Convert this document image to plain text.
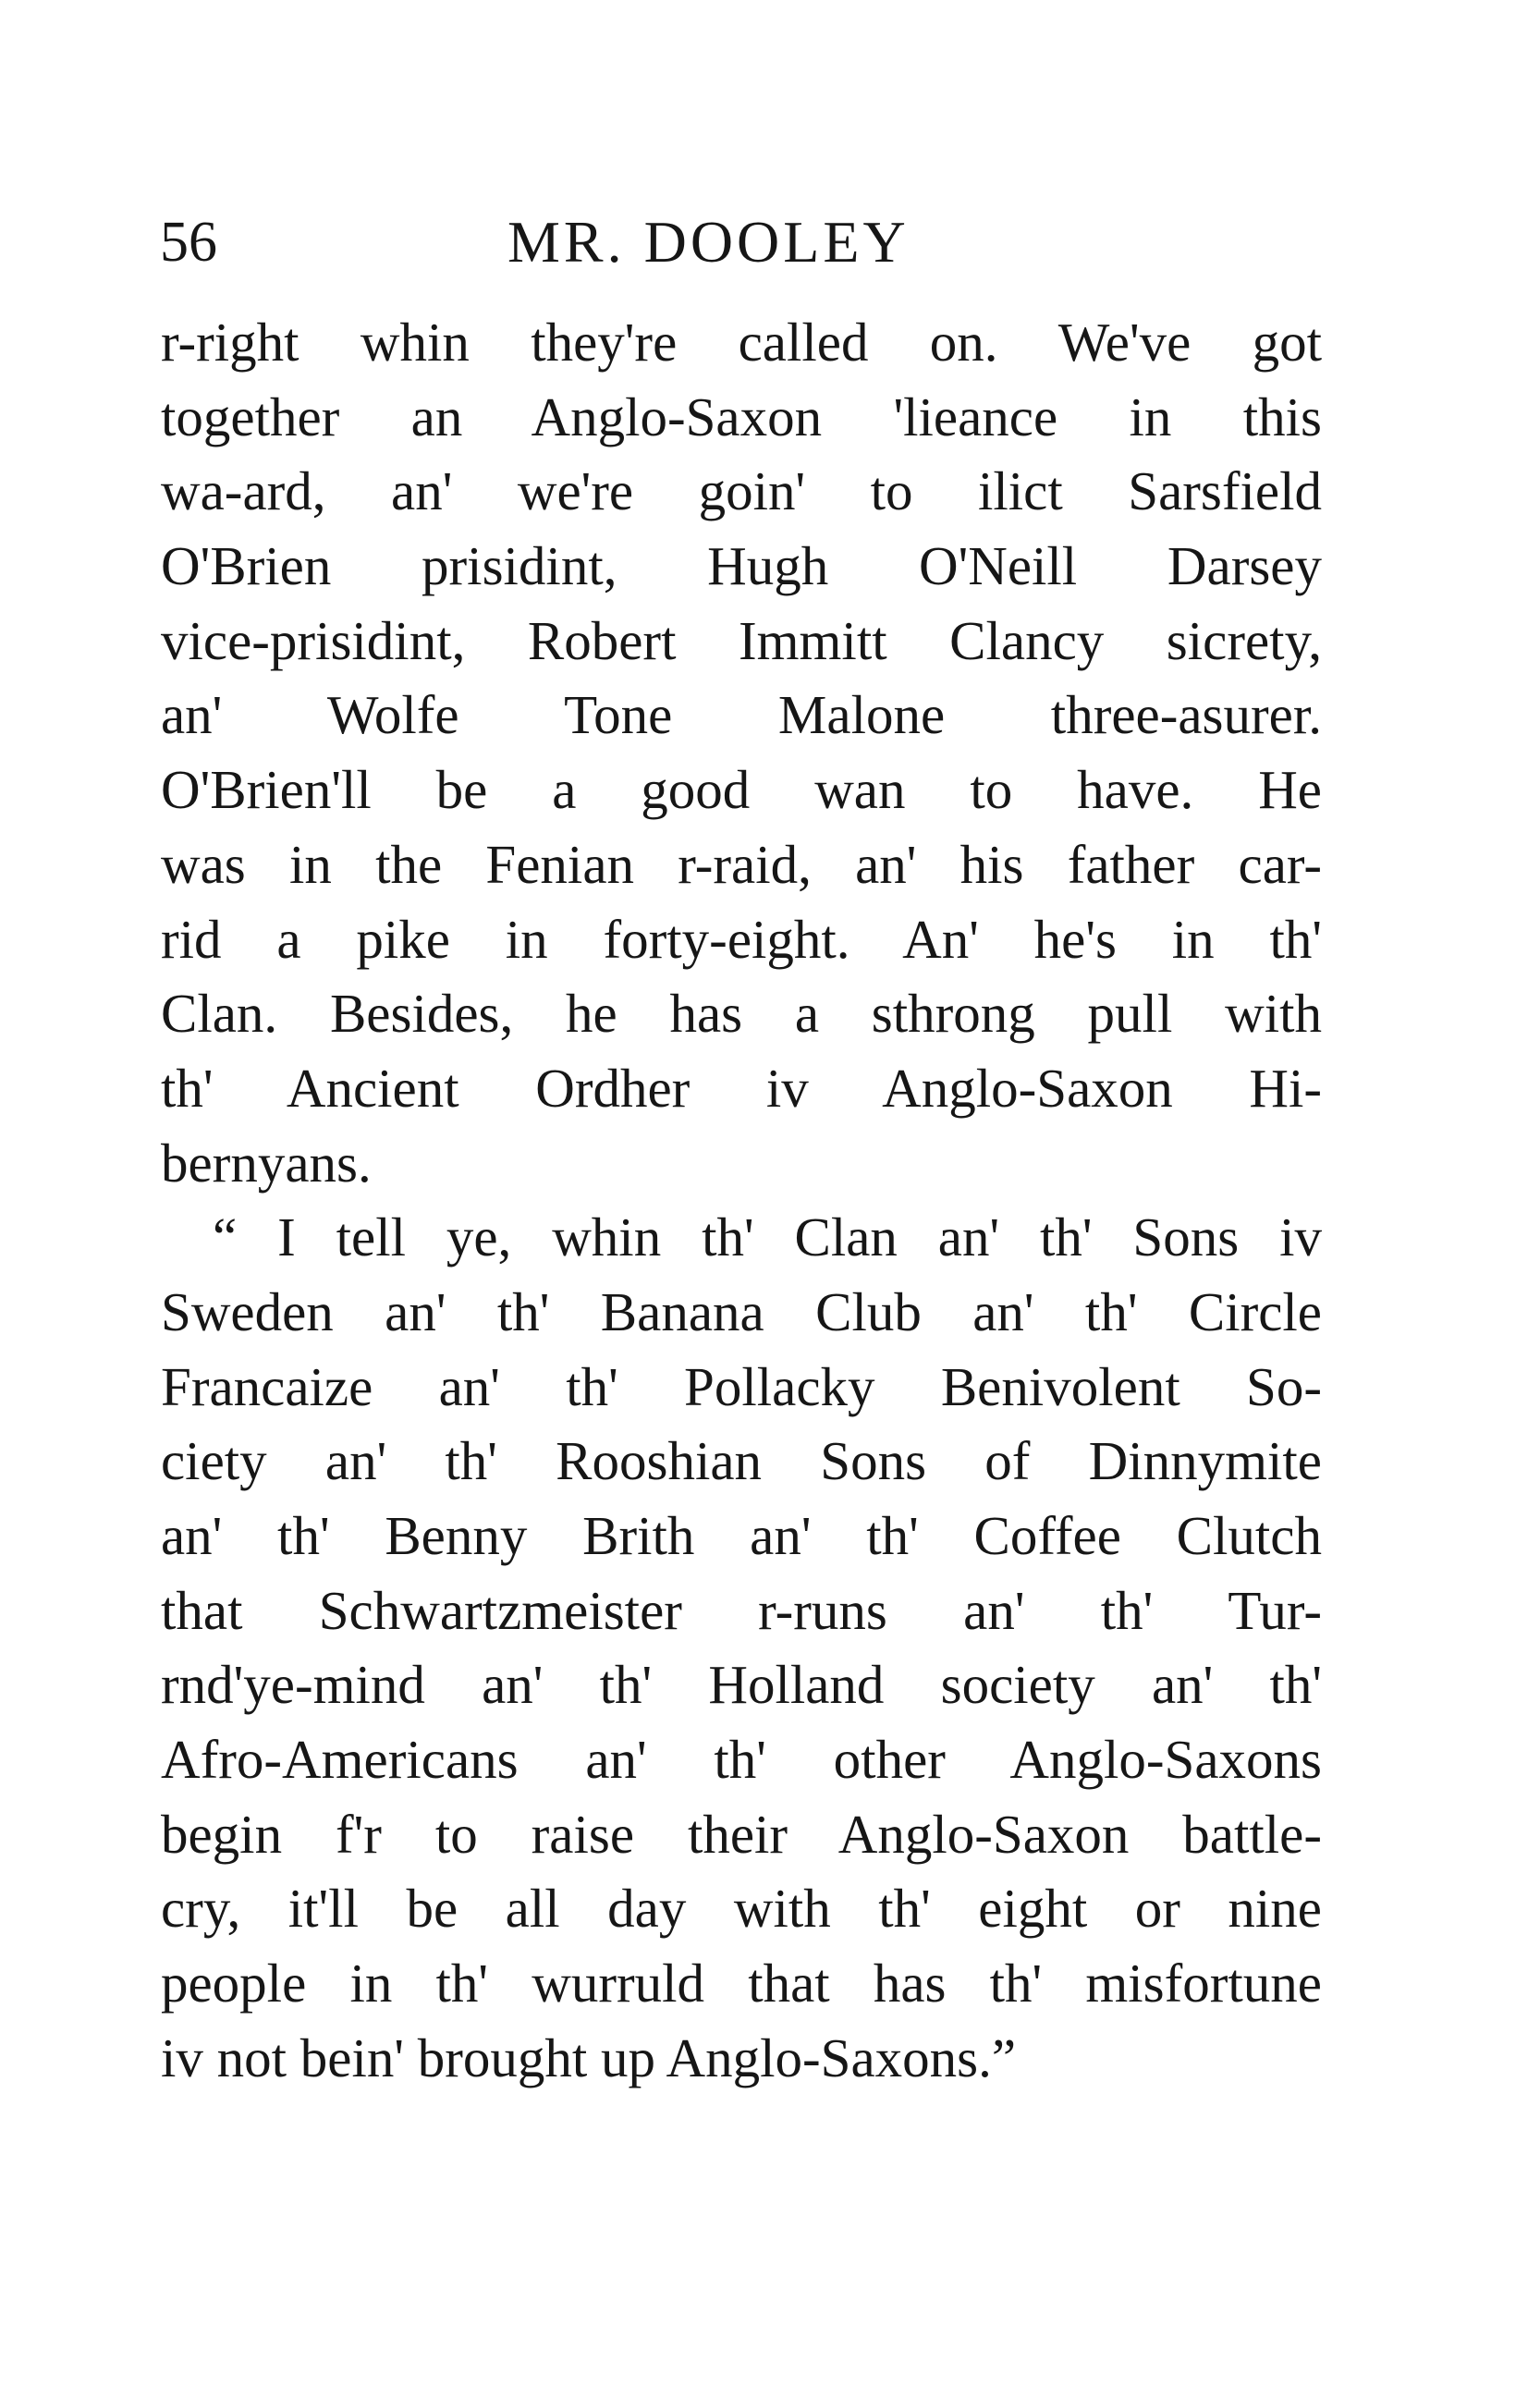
56	MR. DOOLEY
r-right whin they're called on. We've got
together an Anglo-Saxon 'lieance in this
wa-ard, an' we're goin' to ilict Sarsfield
O'Brien prisidint, Hugh O'Neill Darsey
vice-prisidint, Robert Immitt Clancy sicrety,
an' Wolfe Tone Malone three-asurer.
O'Brien'll be a good wan to have. He
was in the Fenian r-raid, an' his father car-
rid a pike in forty-eight. An' he's in th'
Clan. Besides, he has a sthrong pull with
th' Ancient Ordher iv Anglo-Saxon Hi-
bernyans.
“ I tell ye, whin th' Clan an' th' Sons iv
Sweden an' th' Banana Club an' th' Circle
Francaize an' th' Pollacky Benivolent So-
ciety an' th' Rooshian Sons of Dinnymite
an' th' Benny Brith an' th' Coffee Clutch
that Schwartzmeister r-runs an' th' Tur-
rnd'ye-mind an' th' Holland society an' th'
Afro-Americans an' th' other Anglo-Saxons
begin f'r to raise their Anglo-Saxon battle-
cry, it'll be all day with th' eight or nine
people in th' wurruld that has th' misfortune
iv not bein' brought up Anglo-Saxons.”
